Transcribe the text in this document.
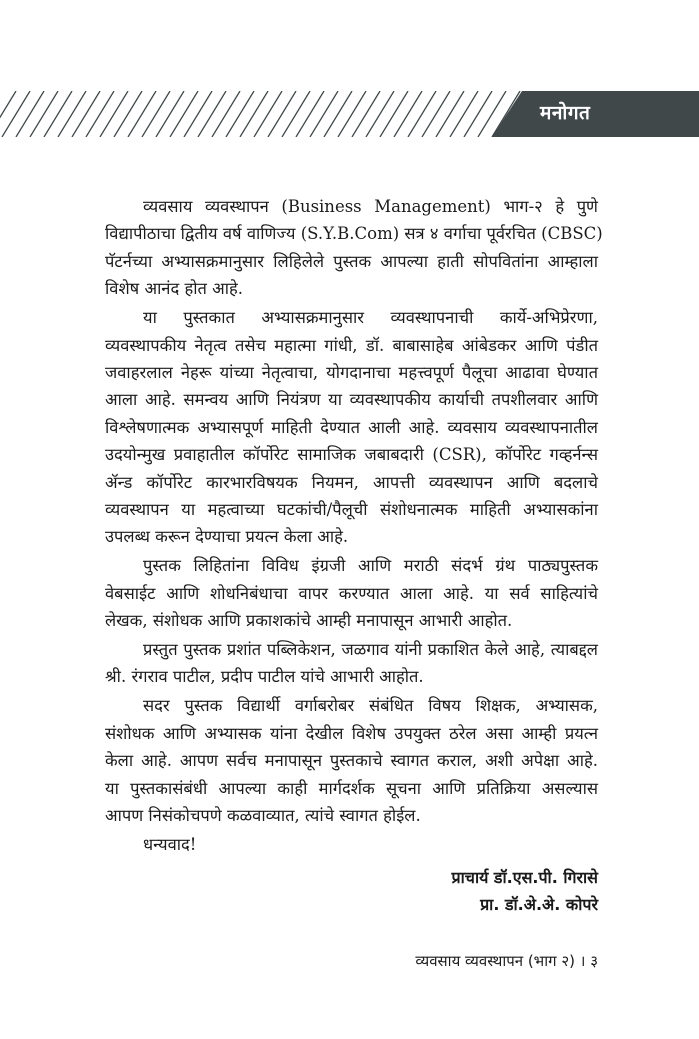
मनोगत
व्यवसाय व्यवस्थापन (Business Management) भाग-२ हे पुणे
विद्यापीठाचा द्वितीय वर्ष वाणिज्य (S.Y.B.Com) सत्र ४ वर्गाचा पूर्वरचित (CBSC)
पॅटर्नच्या अभ्यासक्रमानुसार लिहिलेले पुस्तक आपल्या हाती सोपवितांना आम्हाला
विशेष आनंद होत आहे.
या पुस्तकात अभ्यासक्रमानुसार व्यवस्थापनाची कार्ये-अभिप्रेरणा,
व्यवस्थापकीय नेतृत्व तसेच महात्मा गांधी, डॉ. बाबासाहेब आंबेडकर आणि पंडीत
जवाहरलाल नेहरू यांच्या नेतृत्वाचा, योगदानाचा महत्त्वपूर्ण पैलूचा आढावा घेण्यात
आला आहे. समन्वय आणि नियंत्रण या व्यवस्थापकीय कार्याची तपशीलवार आणि
विश्लेषणात्मक अभ्यासपूर्ण माहिती देण्यात आली आहे. व्यवसाय व्यवस्थापनातील
उदयोन्मुख प्रवाहातील कॉर्पोरेट सामाजिक जबाबदारी (CSR), कॉर्पोरेट गव्हर्नन्स
ॲन्ड कॉर्पोरेट कारभारविषयक नियमन, आपत्ती व्यवस्थापन आणि बदलाचे
व्यवस्थापन या महत्वाच्या घटकांची/पैलूची संशोधनात्मक माहिती अभ्यासकांना
उपलब्ध करून देण्याचा प्रयत्न केला आहे.
पुस्तक लिहितांना विविध इंग्रजी आणि मराठी संदर्भ ग्रंथ पाठ्यपुस्तक
वेबसाईट आणि शोधनिबंधाचा वापर करण्यात आला आहे. या सर्व साहित्यांचे
लेखक, संशोधक आणि प्रकाशकांचे आम्ही मनापासून आभारी आहोत.
प्रस्तुत पुस्तक प्रशांत पब्लिकेशन, जळगाव यांनी प्रकाशित केले आहे, त्याबद्दल
श्री. रंगराव पाटील, प्रदीप पाटील यांचे आभारी आहोत.
सदर पुस्तक विद्यार्थी वर्गाबरोबर संबंधित विषय शिक्षक, अभ्यासक,
संशोधक आणि अभ्यासक यांना देखील विशेष उपयुक्त ठरेल असा आम्ही प्रयत्न
केला आहे. आपण सर्वच मनापासून पुस्तकाचे स्वागत कराल, अशी अपेक्षा आहे.
या पुस्तकासंबंधी आपल्या काही मार्गदर्शक सूचना आणि प्रतिक्रिया असल्यास
आपण निसंकोचपणे कळवाव्यात, त्यांचे स्वागत होईल.
धन्यवाद!
प्राचार्य डॉ.एस.पी. गिरासे
प्रा. डॉ.अे.अे. कोपरे
व्यवसाय व्यवस्थापन (भाग २) । ३
